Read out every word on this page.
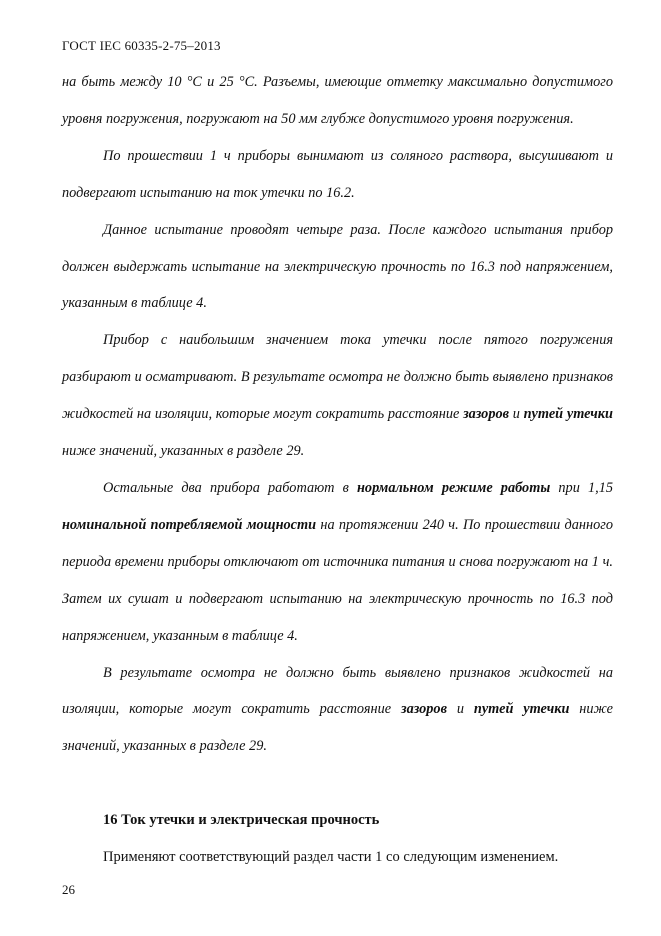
ГОСТ IEC 60335-2-75–2013

на быть между 10 °С и 25 °С. Разъемы, имеющие отметку максимально допустимого уровня погружения, погружают на 50 мм глубже допустимого уровня погружения.

По прошествии 1 ч приборы вынимают из соляного раствора, высушивают и подвергают испытанию на ток утечки по 16.2.

Данное испытание проводят четыре раза. После каждого испытания прибор должен выдержать испытание на электрическую прочность по 16.3 под напряжением, указанным в таблице 4.

Прибор с наибольшим значением тока утечки после пятого погружения разбирают и осматривают. В результате осмотра не должно быть выявлено признаков жидкостей на изоляции, которые могут сократить расстояние зазоров и путей утечки ниже значений, указанных в разделе 29.

Остальные два прибора работают в нормальном режиме работы при 1,15 номинальной потребляемой мощности на протяжении 240 ч. По прошествии данного периода времени приборы отключают от источника питания и снова погружают на 1 ч. Затем их сушат и подвергают испытанию на электрическую прочность по 16.3 под напряжением, указанным в таблице 4.

В результате осмотра не должно быть выявлено признаков жидкостей на изоляции, которые могут сократить расстояние зазоров и путей утечки ниже значений, указанных в разделе 29.

16 Ток утечки и электрическая прочность
Применяют соответствующий раздел части 1 со следующим изменением.
26
